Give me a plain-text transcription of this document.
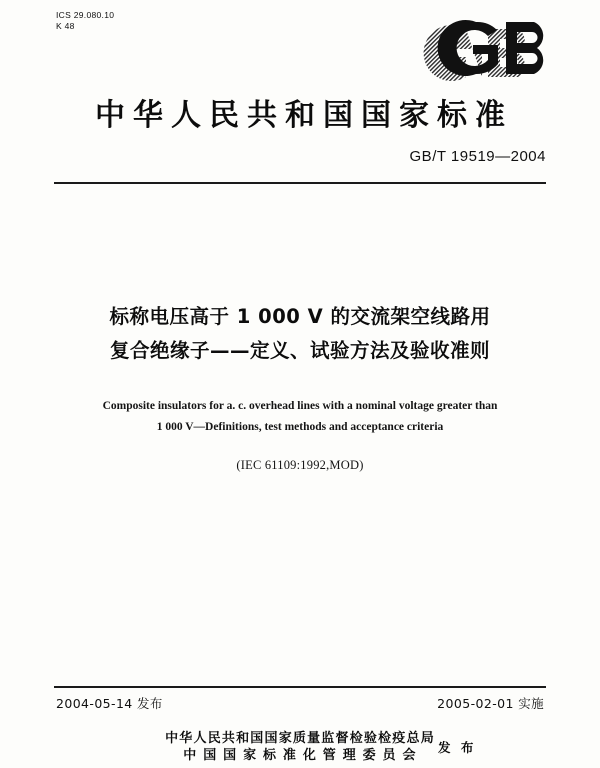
ICS 29.080.10
K 48
中华人民共和国国家标准
GB/T 19519—2004
标称电压高于 1 000 V 的交流架空线路用
复合绝缘子——定义、试验方法及验收准则
Composite insulators for a. c. overhead lines with a nominal voltage greater than
1 000 V—Definitions, test methods and acceptance criteria
(IEC 61109:1992,MOD)
2004-05-14 发布	2005-02-01 实施
中华人民共和国国家质量监督检验检疫总局
中 国 国 家 标 准 化 管 理 委 员 会
发 布
